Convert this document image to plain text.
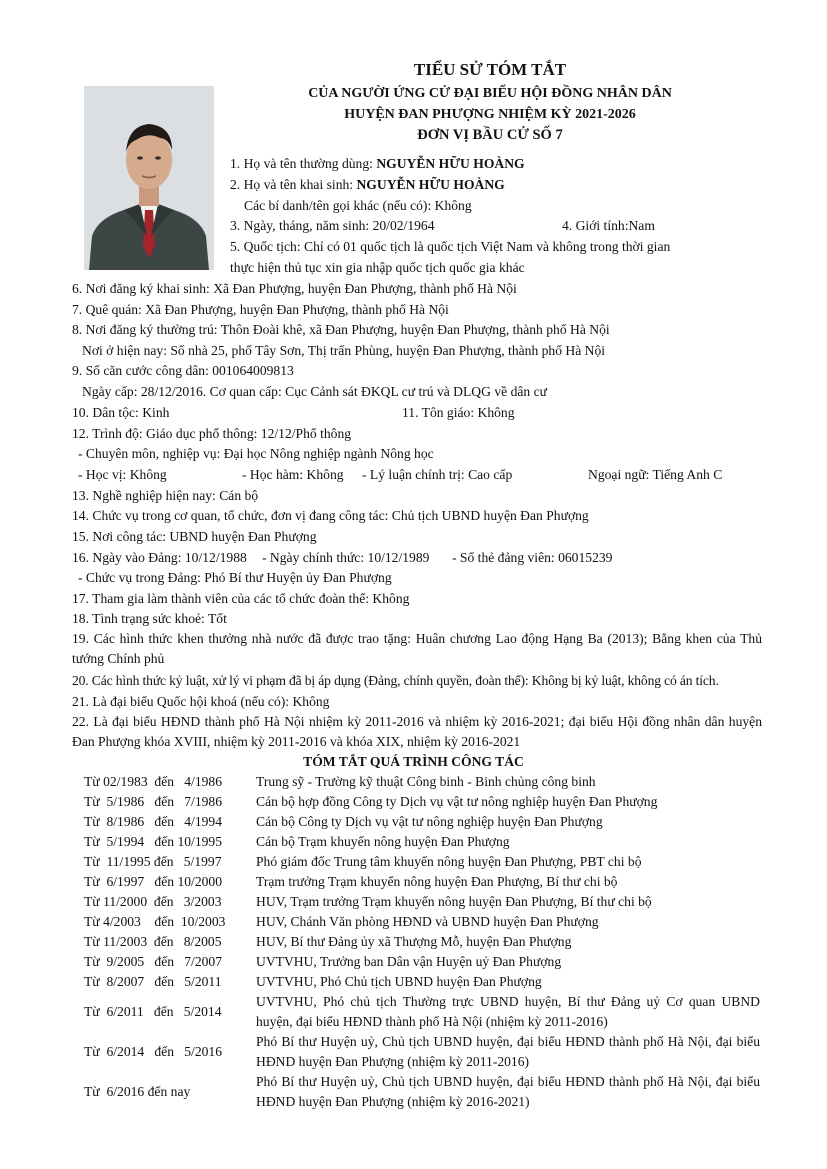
TIỂU SỬ TÓM TẮT
CỦA NGƯỜI ỨNG CỬ ĐẠI BIỂU HỘI ĐỒNG NHÂN DÂN
HUYỆN ĐAN PHƯỢNG NHIỆM KỲ 2021-2026
ĐƠN VỊ BẦU CỬ SỐ 7
1. Họ và tên thường dùng: NGUYỄN HỮU HOÀNG
2. Họ và tên khai sinh: NGUYỄN HỮU HOÀNG
Các bí danh/tên gọi khác (nếu có): Không
3. Ngày, tháng, năm sinh: 20/02/1964	4. Giới tính:Nam
5. Quốc tịch: Chỉ có 01 quốc tịch là quốc tịch Việt Nam và không trong thời gian
thực hiện thủ tục xin gia nhập quốc tịch quốc gia khác
6. Nơi đăng ký khai sinh: Xã Đan Phượng, huyện Đan Phượng, thành phố Hà Nội
7. Quê quán: Xã Đan Phượng, huyện Đan Phượng, thành phố Hà Nội
8. Nơi đăng ký thường trú: Thôn Đoài khê, xã Đan Phượng, huyện Đan Phượng, thành phố Hà Nội
Nơi ở hiện nay: Số nhà 25, phố Tây Sơn, Thị trấn Phùng, huyện Đan Phượng, thành phố Hà Nội
9. Số căn cước công dân: 001064009813
Ngày cấp: 28/12/2016. Cơ quan cấp: Cục Cảnh sát ĐKQL cư trú và DLQG về dân cư
10. Dân tộc: Kinh	11. Tôn giáo: Không
12. Trình độ: Giáo dục phổ thông: 12/12/Phổ thông
- Chuyên môn, nghiệp vụ: Đại học Nông nghiệp ngành Nông học
- Học vị: Không	- Học hàm: Không - Lý luận chính trị: Cao cấp	Ngoại ngữ: Tiếng Anh C
13. Nghề nghiệp hiện nay: Cán bộ
14. Chức vụ trong cơ quan, tổ chức, đơn vị đang công tác: Chủ tịch UBND huyện Đan Phượng
15. Nơi công tác: UBND huyện Đan Phượng
16. Ngày vào Đảng: 10/12/1988 - Ngày chính thức: 10/12/1989 - Số thẻ đảng viên: 06015239
- Chức vụ trong Đảng: Phó Bí thư Huyện ủy Đan Phượng
17. Tham gia làm thành viên của các tổ chức đoàn thể: Không
18. Tình trạng sức khoẻ: Tốt
19. Các hình thức khen thưởng nhà nước đã được trao tặng: Huân chương Lao động Hạng Ba (2013); Bằng khen của Thủ tướng Chính phủ
20. Các hình thức kỷ luật, xử lý vi phạm đã bị áp dụng (Đảng, chính quyền, đoàn thể): Không bị kỷ luật, không có án tích.
21. Là đại biểu Quốc hội khoá (nếu có): Không
22. Là đại biểu HĐND thành phố Hà Nội nhiệm kỳ 2011-2016 và nhiệm kỳ 2016-2021; đại biểu Hội đồng nhân dân huyện Đan Phượng khóa XVIII, nhiệm kỳ 2011-2016 và khóa XIX, nhiệm kỳ 2016-2021
TÓM TẮT QUÁ TRÌNH CÔNG TÁC
Từ 02/1983  đến   4/1986	Trung sỹ - Trường kỹ thuật Công binh - Binh chủng công binh
Từ  5/1986   đến   7/1986	Cán bộ hợp đồng Công ty Dịch vụ vật tư nông nghiệp huyện Đan Phượng
Từ  8/1986   đến   4/1994	Cán bộ Công ty Dịch vụ vật tư nông nghiệp huyện Đan Phượng
Từ  5/1994   đến 10/1995	Cán bộ Trạm khuyến nông huyện Đan Phượng
Từ  11/1995 đến   5/1997	Phó giám đốc Trung tâm khuyến nông huyện Đan Phượng, PBT chi bộ
Từ  6/1997   đến 10/2000	Trạm trưởng Trạm khuyến nông huyện Đan Phượng, Bí thư chi bộ
Từ 11/2000  đến   3/2003	HUV, Trạm trưởng Trạm khuyến nông huyện Đan Phượng, Bí thư chi bộ
Từ 4/2003    đến  10/2003	HUV, Chánh Văn phòng HĐND và UBND huyện Đan Phượng
Từ 11/2003  đến   8/2005	HUV, Bí thư Đảng ủy xã Thượng Mỗ, huyện Đan Phượng
Từ  9/2005   đến   7/2007	UVTVHU, Trưởng ban Dân vận Huyện uỷ Đan Phượng
Từ  8/2007   đến   5/2011	UVTVHU, Phó Chủ tịch UBND huyện Đan Phượng
Từ  6/2011   đến   5/2014	UVTVHU, Phó chủ tịch Thường trực UBND huyện, Bí thư Đảng uỷ Cơ quan UBND huyện, đại biểu HĐND thành phố Hà Nội (nhiệm kỳ 2011-2016)
Từ  6/2014   đến   5/2016	Phó Bí thư Huyện uỷ, Chủ tịch UBND huyện, đại biểu HĐND thành phố Hà Nội, đại biểu HĐND huyện Đan Phượng (nhiệm kỳ 2011-2016)
Từ  6/2016 đến nay	Phó Bí thư Huyện uỷ, Chủ tịch UBND huyện, đại biểu HĐND thành phố Hà Nội, đại biểu HĐND huyện Đan Phượng (nhiệm kỳ 2016-2021)
